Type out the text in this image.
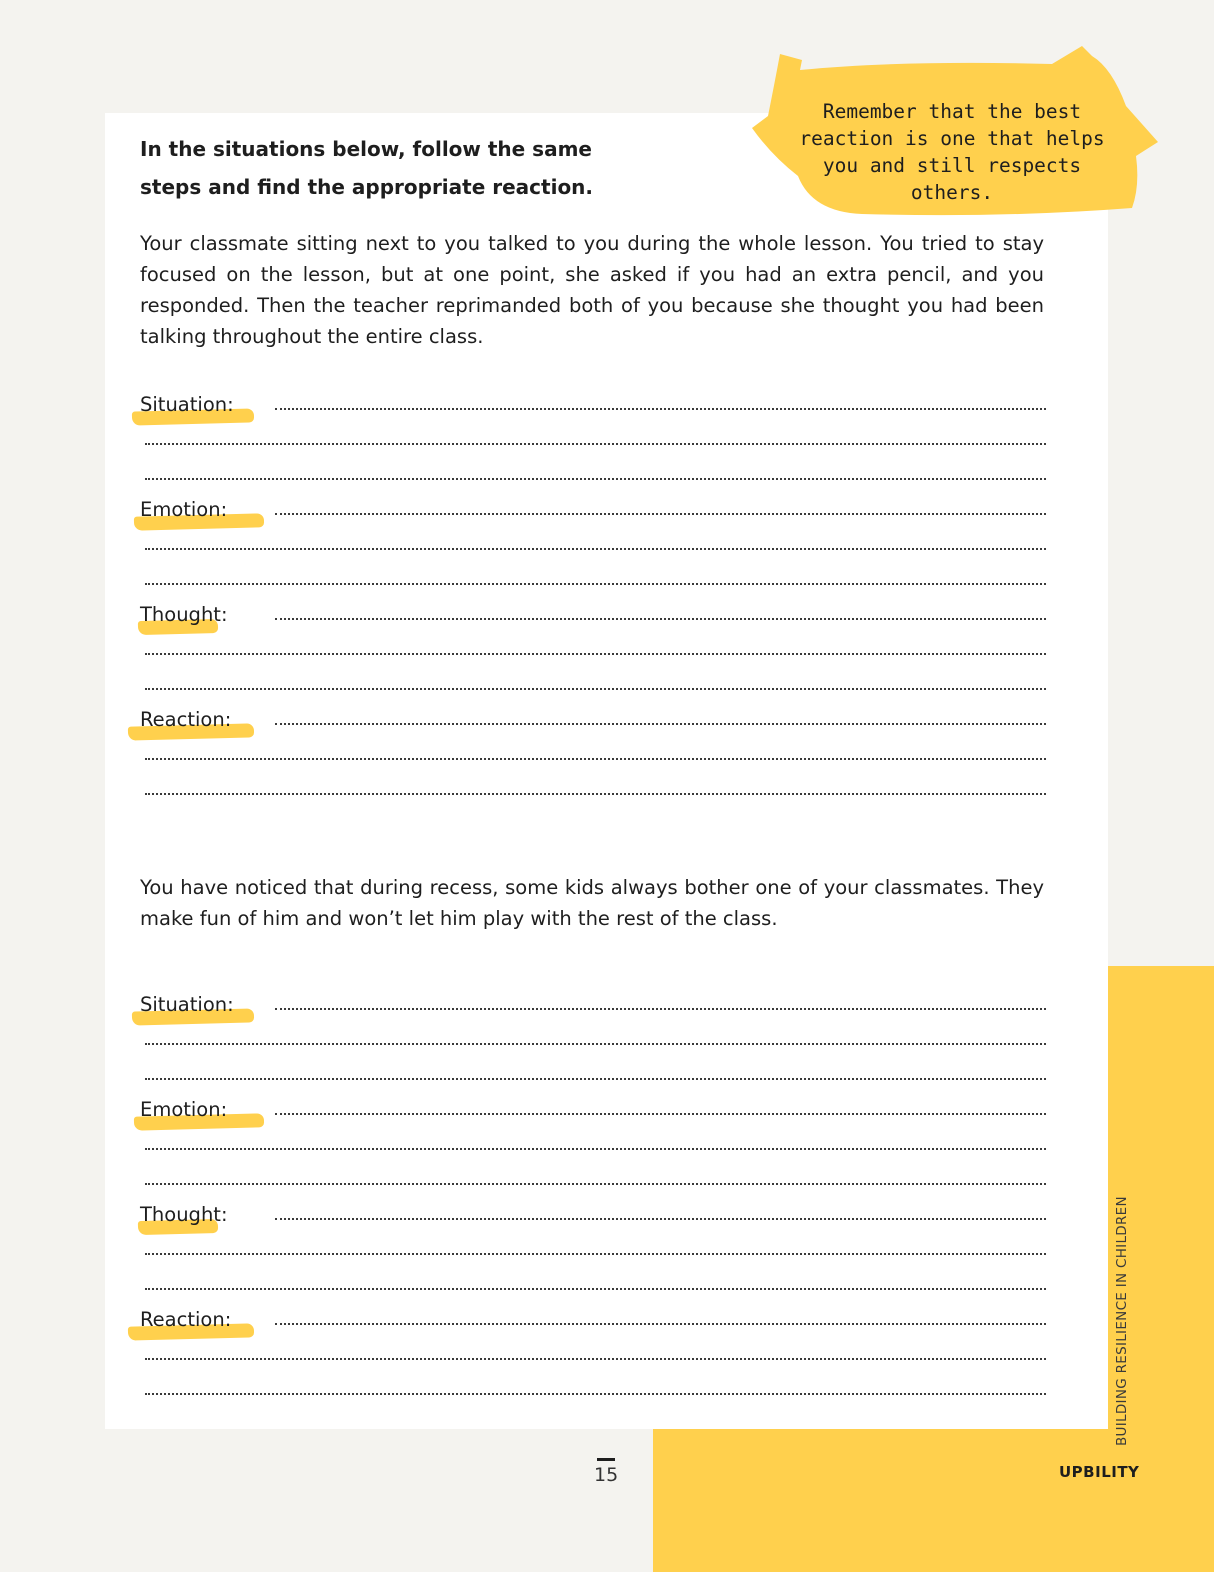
Remember that the best reaction is one that helps you and still respects others.

In the situations below, follow the same steps and find the appropriate reaction.

Your classmate sitting next to you talked to you during the whole lesson. You tried to stay focused on the lesson, but at one point, she asked if you had an extra pencil, and you responded. Then the teacher reprimanded both of you because she thought you had been talking throughout the entire class.

Situation:
Emotion:
Thought:
Reaction:

You have noticed that during recess, some kids always bother one of your classmates. They make fun of him and won’t let him play with the rest of the class.

Situation:
Emotion:
Thought:
Reaction:	BUILDING RESILIENCE IN CHILDREN
UPBILITY
15
